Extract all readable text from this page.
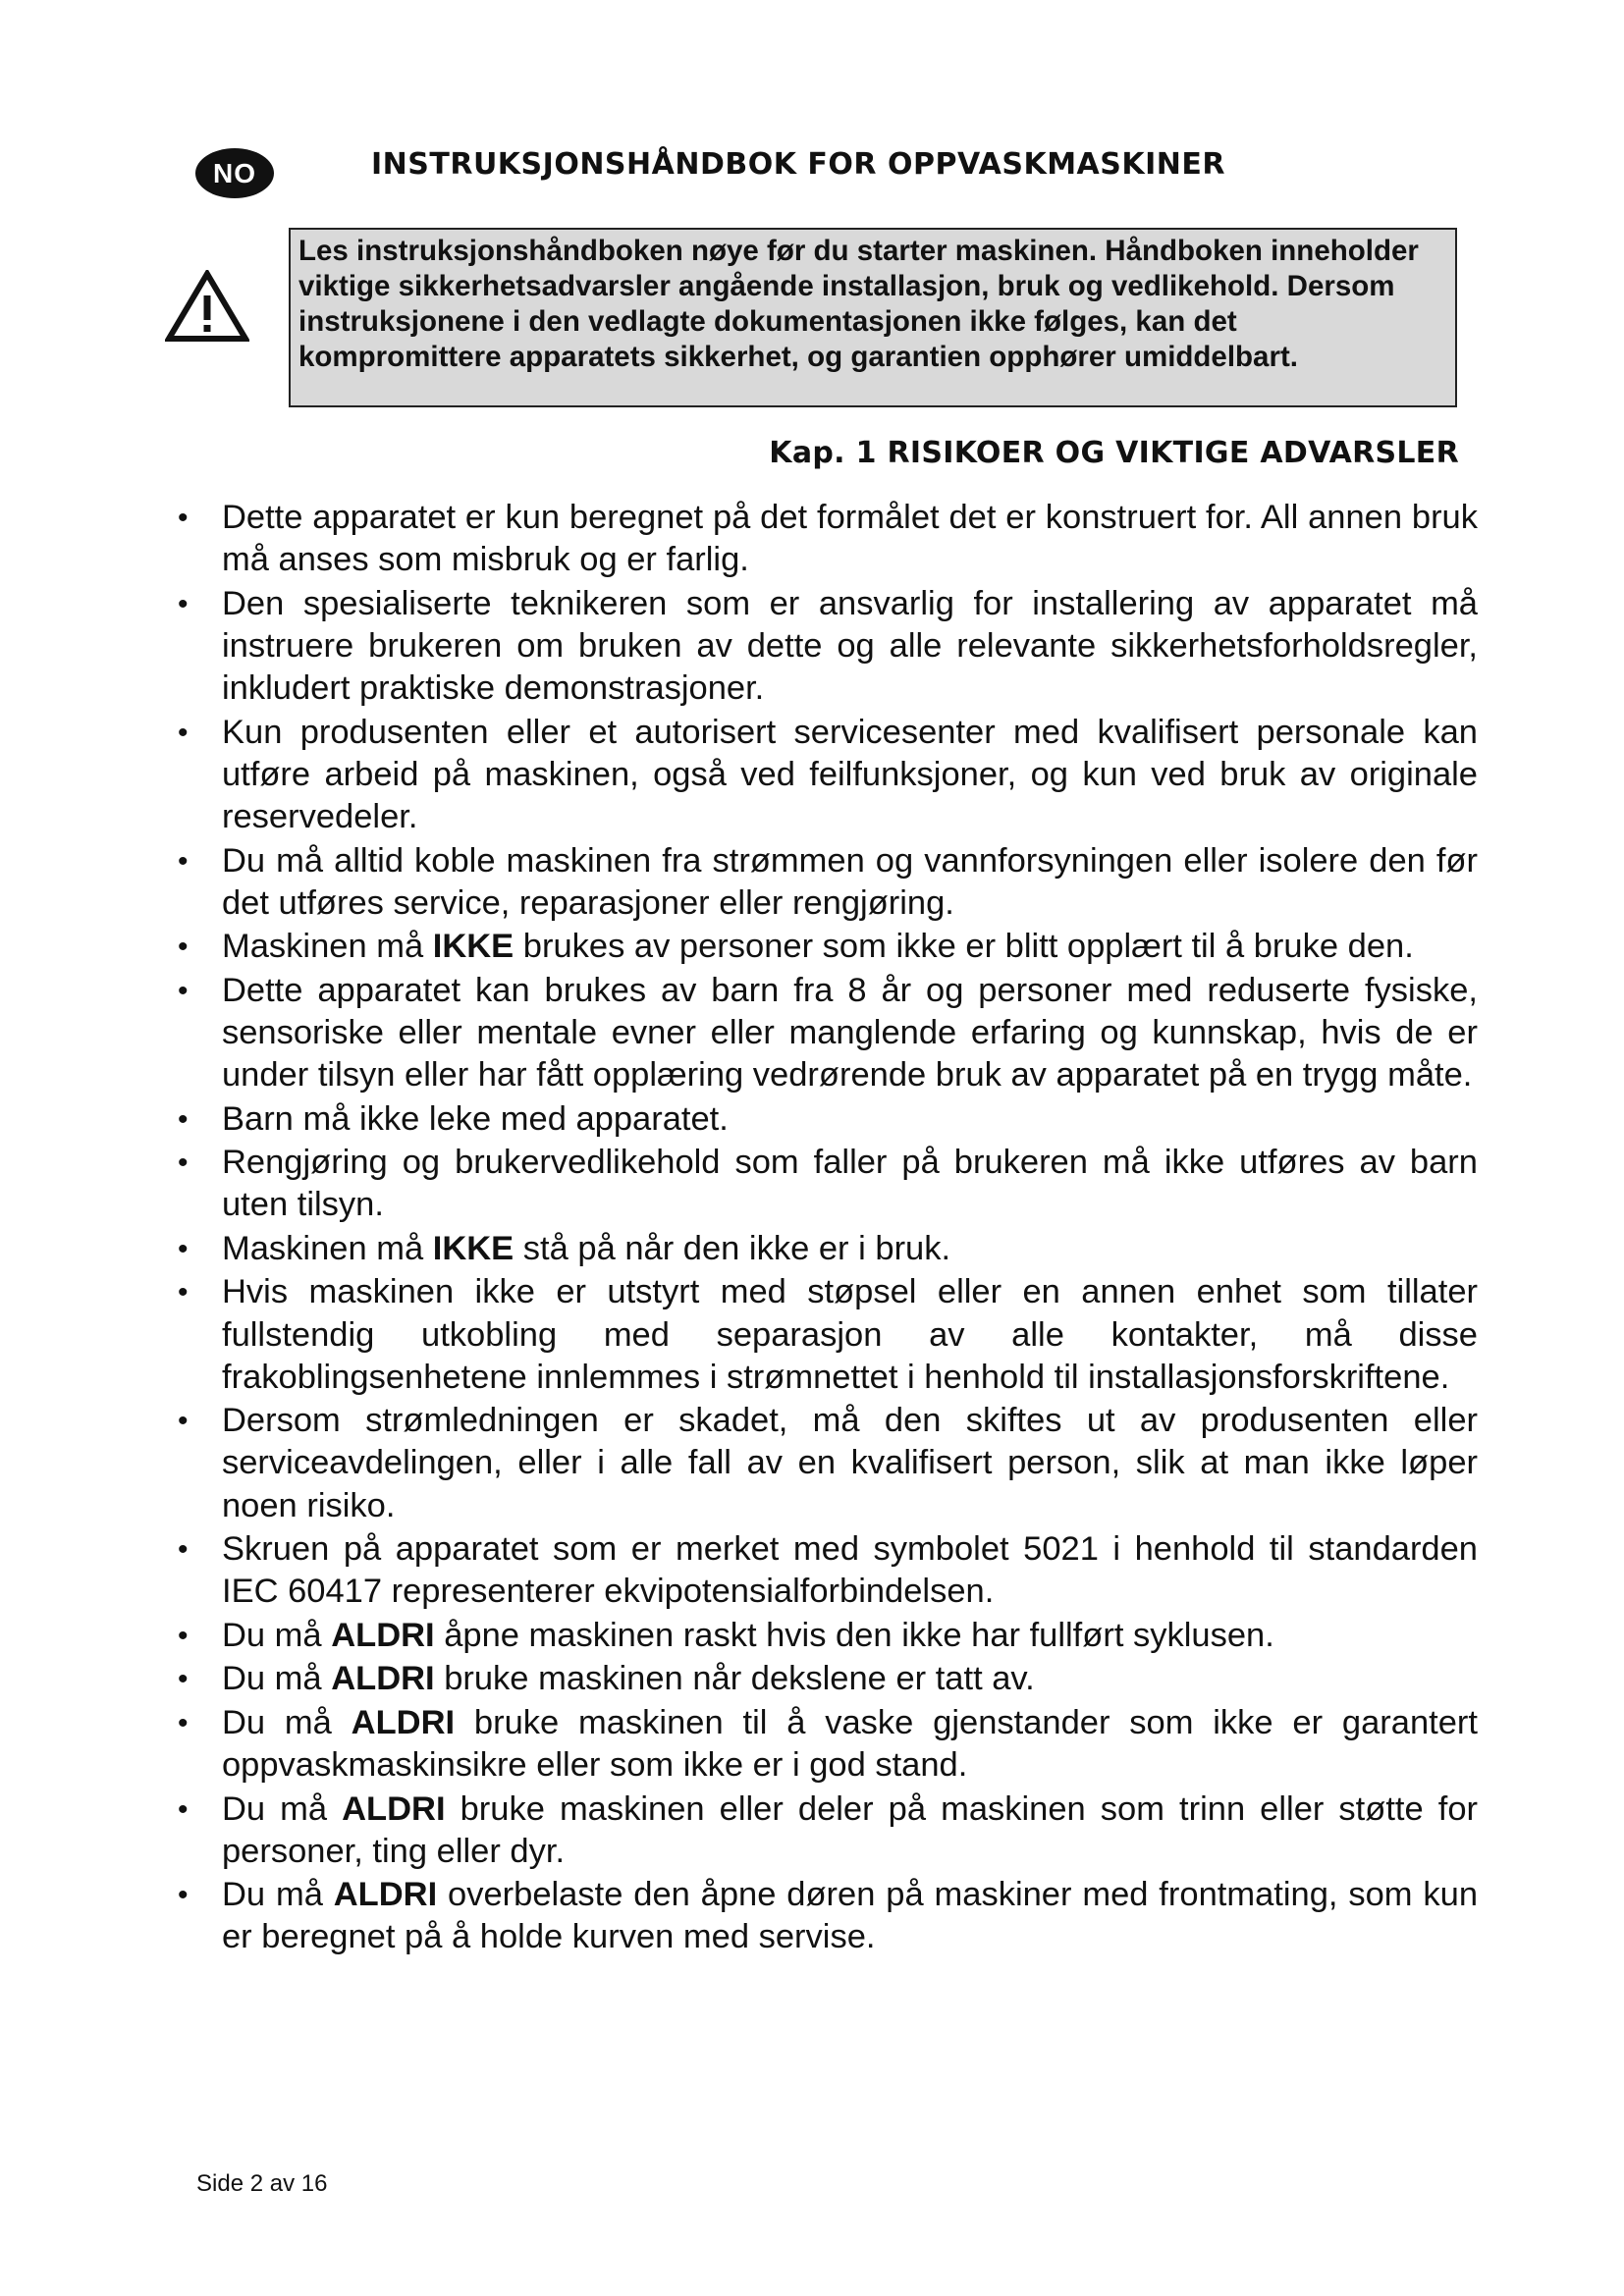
NO	INSTRUKSJONSHÅNDBOK FOR OPPVASKMASKINER
Les instruksjonshåndboken nøye før du starter maskinen. Håndboken inneholder viktige sikkerhetsadvarsler angående installasjon, bruk og vedlikehold. Dersom instruksjonene i den vedlagte dokumentasjonen ikke følges, kan det kompromittere apparatets sikkerhet, og garantien opphører umiddelbart.
Kap. 1 RISIKOER OG VIKTIGE ADVARSLER
• Dette apparatet er kun beregnet på det formålet det er konstruert for. All annen bruk må anses som misbruk og er farlig.
• Den spesialiserte teknikeren som er ansvarlig for installering av apparatet må instruere brukeren om bruken av dette og alle relevante sikkerhetsforholdsregler, inkludert praktiske demonstrasjoner.
• Kun produsenten eller et autorisert servicesenter med kvalifisert personale kan utføre arbeid på maskinen, også ved feilfunksjoner, og kun ved bruk av originale reservedeler.
• Du må alltid koble maskinen fra strømmen og vannforsyningen eller isolere den før det utføres service, reparasjoner eller rengjøring.
• Maskinen må IKKE brukes av personer som ikke er blitt opplært til å bruke den.
• Dette apparatet kan brukes av barn fra 8 år og personer med reduserte fysiske, sensoriske eller mentale evner eller manglende erfaring og kunnskap, hvis de er under tilsyn eller har fått opplæring vedrørende bruk av apparatet på en trygg måte.
• Barn må ikke leke med apparatet.
• Rengjøring og brukervedlikehold som faller på brukeren må ikke utføres av barn uten tilsyn.
• Maskinen må IKKE stå på når den ikke er i bruk.
• Hvis maskinen ikke er utstyrt med støpsel eller en annen enhet som tillater fullstendig utkobling med separasjon av alle kontakter, må disse frakoblingsenhetene innlemmes i strømnettet i henhold til installasjonsforskriftene.
• Dersom strømledningen er skadet, må den skiftes ut av produsenten eller serviceavdelingen, eller i alle fall av en kvalifisert person, slik at man ikke løper noen risiko.
• Skruen på apparatet som er merket med symbolet 5021 i henhold til standarden IEC 60417 representerer ekvipotensialforbindelsen.
• Du må ALDRI åpne maskinen raskt hvis den ikke har fullført syklusen.
• Du må ALDRI bruke maskinen når dekslene er tatt av.
• Du må ALDRI bruke maskinen til å vaske gjenstander som ikke er garantert oppvaskmaskinsikre eller som ikke er i god stand.
• Du må ALDRI bruke maskinen eller deler på maskinen som trinn eller støtte for personer, ting eller dyr.
• Du må ALDRI overbelaste den åpne døren på maskiner med frontmating, som kun er beregnet på å holde kurven med servise.
Side 2 av 16
